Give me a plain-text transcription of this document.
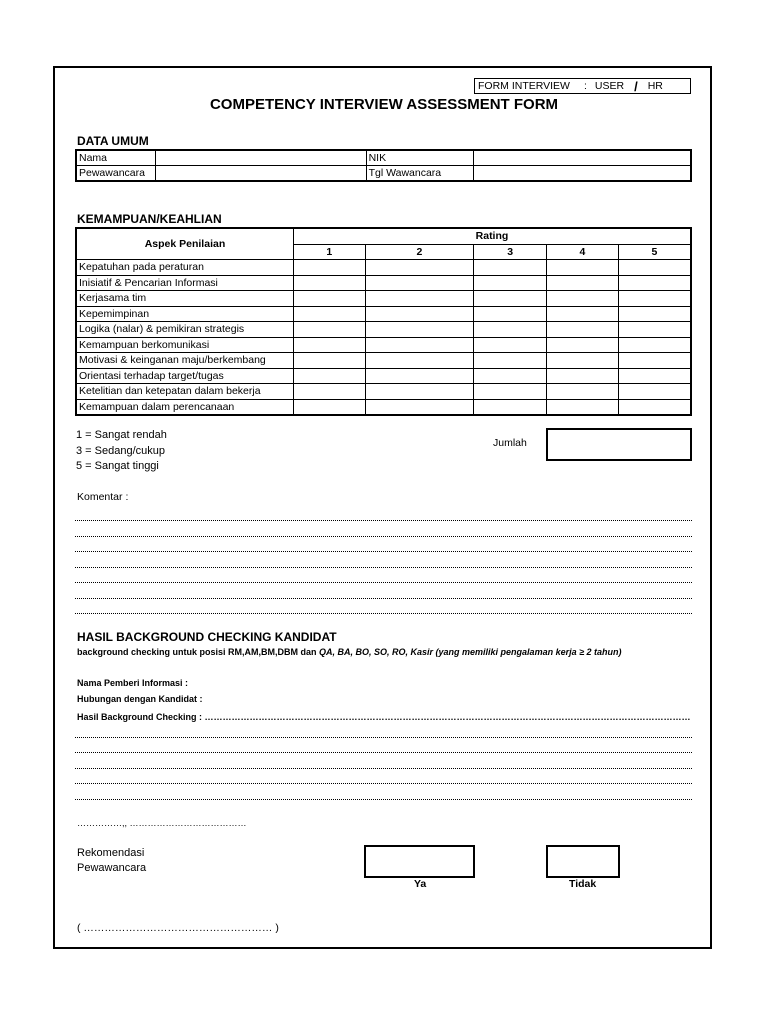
FORM INTERVIEW : USER / HR
COMPETENCY INTERVIEW ASSESSMENT FORM
DATA UMUM
Nama		NIK	
Pewawancara		Tgl Wawancara	
KEMAMPUAN/KEAHLIAN
Aspek Penilaian	Rating				
	1	2	3	4	5
Kepatuhan pada peraturan					
Inisiatif & Pencarian Informasi					
Kerjasama tim					
Kepemimpinan					
Logika (nalar) & pemikiran strategis					
Kemampuan berkomunikasi					
Motivasi & keinganan maju/berkembang					
Orientasi terhadap target/tugas					
Ketelitian dan ketepatan dalam bekerja					
Kemampuan dalam perencanaan					
1 = Sangat rendah
3 = Sedang/cukup
5 = Sangat tinggi
Jumlah
Komentar :
HASIL BACKGROUND CHECKING KANDIDAT
background checking untuk posisi RM,AM,BM,DBM dan QA, BA, BO, SO, RO, Kasir (yang memiliki pengalaman kerja ≥ 2 tahun)
Nama Pemberi Informasi :
Hubungan dengan Kandidat :
Hasil Background Checking : ………………………………………………………………………………………………………………………………………………
……………,, …………………………………
Rekomendasi
Pewawancara
Ya	Tidak
( ……………………………………………… )
